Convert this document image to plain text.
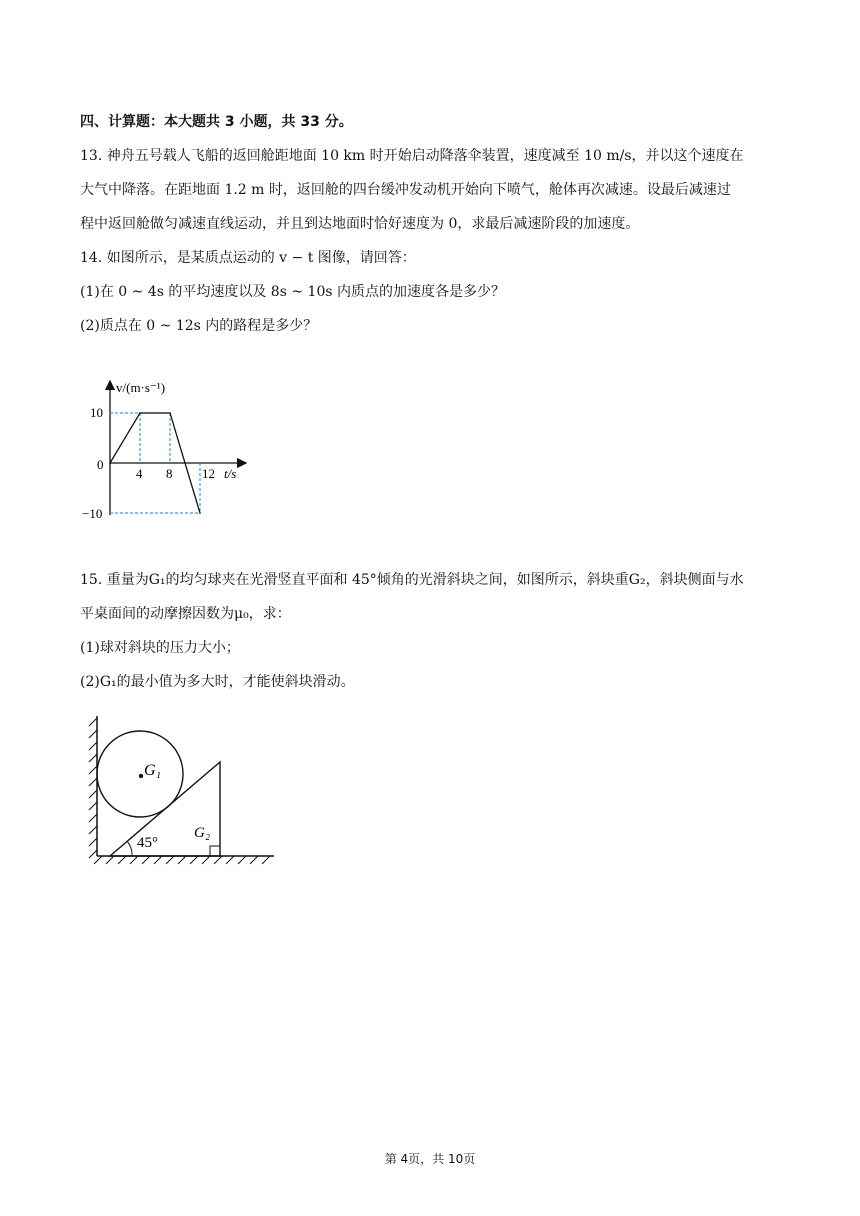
四、计算题：本大题共 3 小题，共 33 分。
13. 神舟五号载人飞船的返回舱距地面 10 km 时开始启动降落伞装置，速度减至 10 m/s，并以这个速度在
大气中降落。在距地面 1.2 m 时，返回舱的四台缓冲发动机开始向下喷气，舱体再次减速。设最后减速过
程中返回舱做匀减速直线运动，并且到达地面时恰好速度为 0，求最后减速阶段的加速度。
14. 如图所示，是某质点运动的 v − t 图像，请回答：
(1)在 0 ~ 4s 的平均速度以及 8s ~ 10s 内质点的加速度各是多少？
(2)质点在 0 ~ 12s 内的路程是多少？
v/(m·s⁻¹)
t/s
10
0
−10
4 8 12
15. 重量为G₁的均匀球夹在光滑竖直平面和 45°倾角的光滑斜块之间，如图所示，斜块重G₂，斜块侧面与水
平桌面间的动摩擦因数为μ₀，求：
(1)球对斜块的压力大小；
(2)G₁的最小值为多大时，才能使斜块滑动。
G₁
G₂
45°
第 4页，共 10页
